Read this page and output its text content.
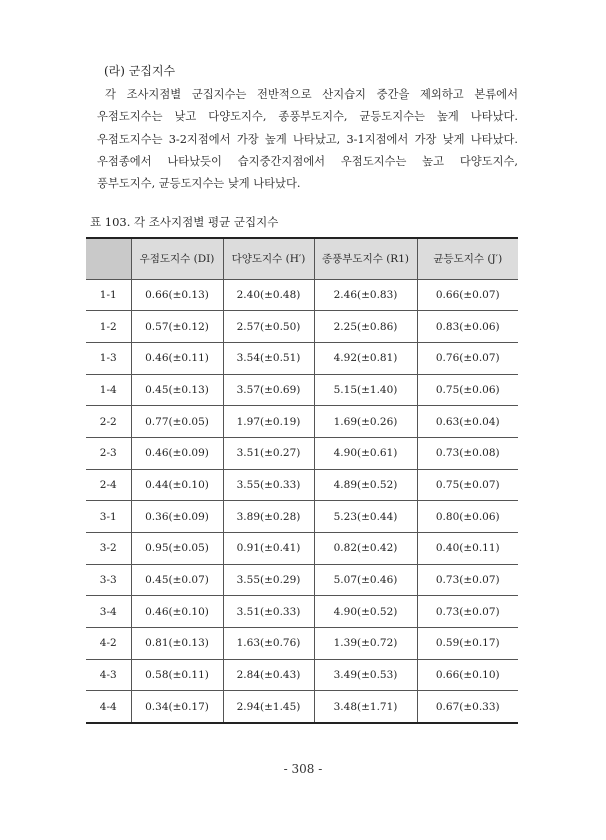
(라) 군집지수

각 조사지점별 군집지수는 전반적으로 산지습지 중간을 제외하고 본류에서 우점도지수는 낮고 다양도지수, 종풍부도지수, 균등도지수는 높게 나타났다. 우점도지수는 3-2지점에서 가장 높게 나타났고, 3-1지점에서 가장 낮게 나타났다. 우점종에서 나타났듯이 습지중간지점에서 우점도지수는 높고 다양도지수, 풍부도지수, 균등도지수는 낮게 나타났다.

표 103. 각 조사지점별 평균 군집지수
	우점도지수 (DI)	다양도지수 (H′)	종풍부도지수 (R1)	균등도지수 (J′)
1-1	0.66(±0.13)	2.40(±0.48)	2.46(±0.83)	0.66(±0.07)
1-2	0.57(±0.12)	2.57(±0.50)	2.25(±0.86)	0.83(±0.06)
1-3	0.46(±0.11)	3.54(±0.51)	4.92(±0.81)	0.76(±0.07)
1-4	0.45(±0.13)	3.57(±0.69)	5.15(±1.40)	0.75(±0.06)
2-2	0.77(±0.05)	1.97(±0.19)	1.69(±0.26)	0.63(±0.04)
2-3	0.46(±0.09)	3.51(±0.27)	4.90(±0.61)	0.73(±0.08)
2-4	0.44(±0.10)	3.55(±0.33)	4.89(±0.52)	0.75(±0.07)
3-1	0.36(±0.09)	3.89(±0.28)	5.23(±0.44)	0.80(±0.06)
3-2	0.95(±0.05)	0.91(±0.41)	0.82(±0.42)	0.40(±0.11)
3-3	0.45(±0.07)	3.55(±0.29)	5.07(±0.46)	0.73(±0.07)
3-4	0.46(±0.10)	3.51(±0.33)	4.90(±0.52)	0.73(±0.07)
4-2	0.81(±0.13)	1.63(±0.76)	1.39(±0.72)	0.59(±0.17)
4-3	0.58(±0.11)	2.84(±0.43)	3.49(±0.53)	0.66(±0.10)
4-4	0.34(±0.17)	2.94(±1.45)	3.48(±1.71)	0.67(±0.33)
- 308 -
